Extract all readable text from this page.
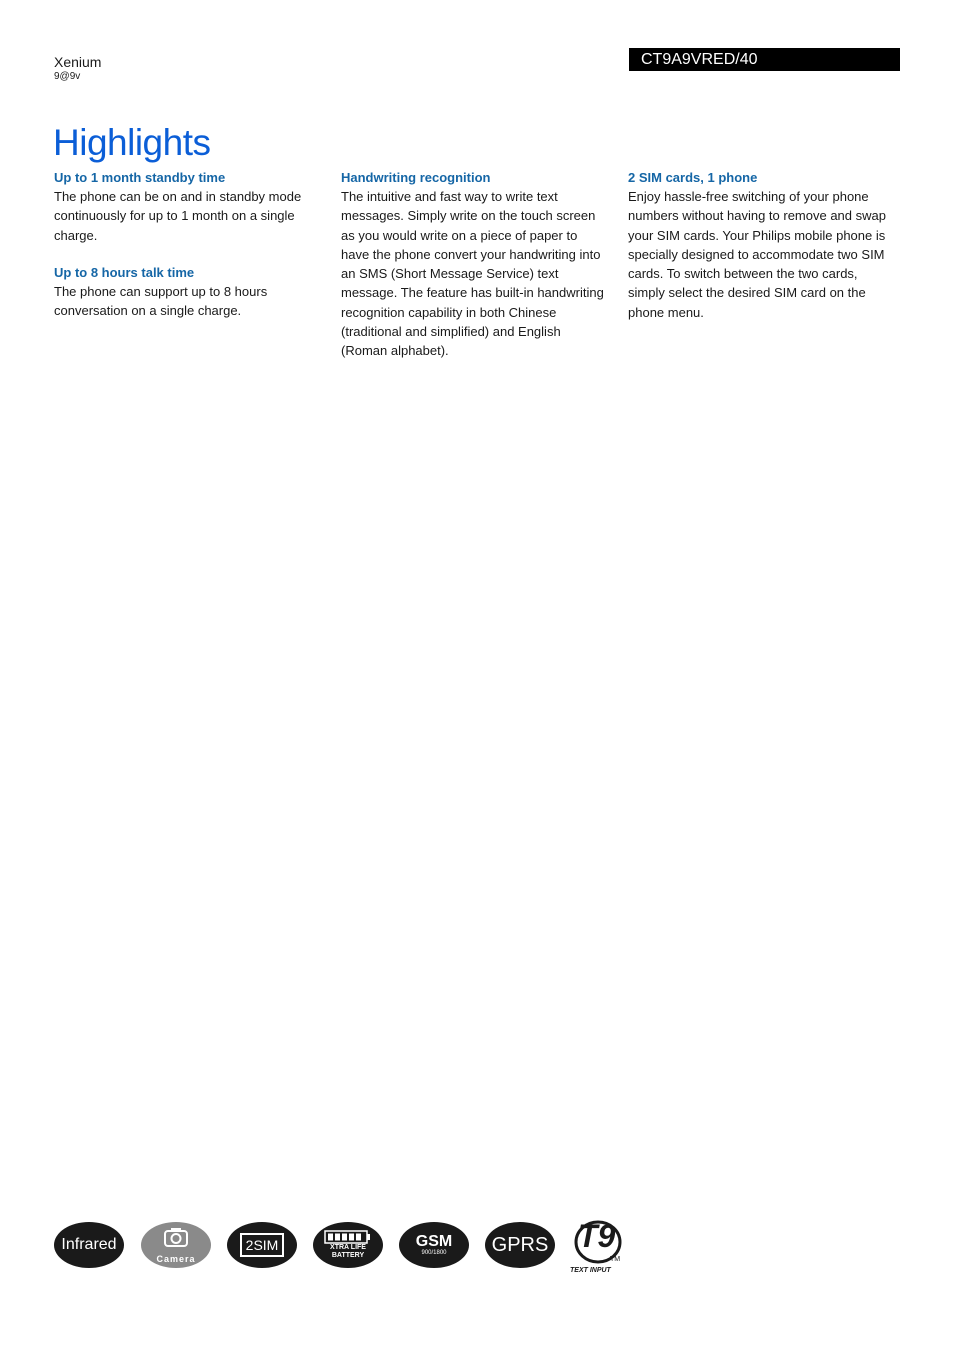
Xenium
9@9v
CT9A9VRED/40
Highlights
Up to 1 month standby time

The phone can be on and in standby mode continuously for up to 1 month on a single charge.

Up to 8 hours talk time

The phone can support up to 8 hours conversation on a single charge.

Handwriting recognition

The intuitive and fast way to write text messages. Simply write on the touch screen as you would write on a piece of paper to have the phone convert your handwriting into an SMS (Short Message Service) text message. The feature has built-in handwriting recognition capability in both Chinese (traditional and simplified) and English (Roman alphabet).

2 SIM cards, 1 phone

Enjoy hassle-free switching of your phone numbers without having to remove and swap your SIM cards. Your Philips mobile phone is specially designed to accommodate two SIM cards. To switch between the two cards, simply select the desired SIM card on the phone menu.

Infrared
Camera
2SIM	XTRA LIFE
BATTERY
GSM
900/1800 GPRS T9
TM
TEXT INPUT
